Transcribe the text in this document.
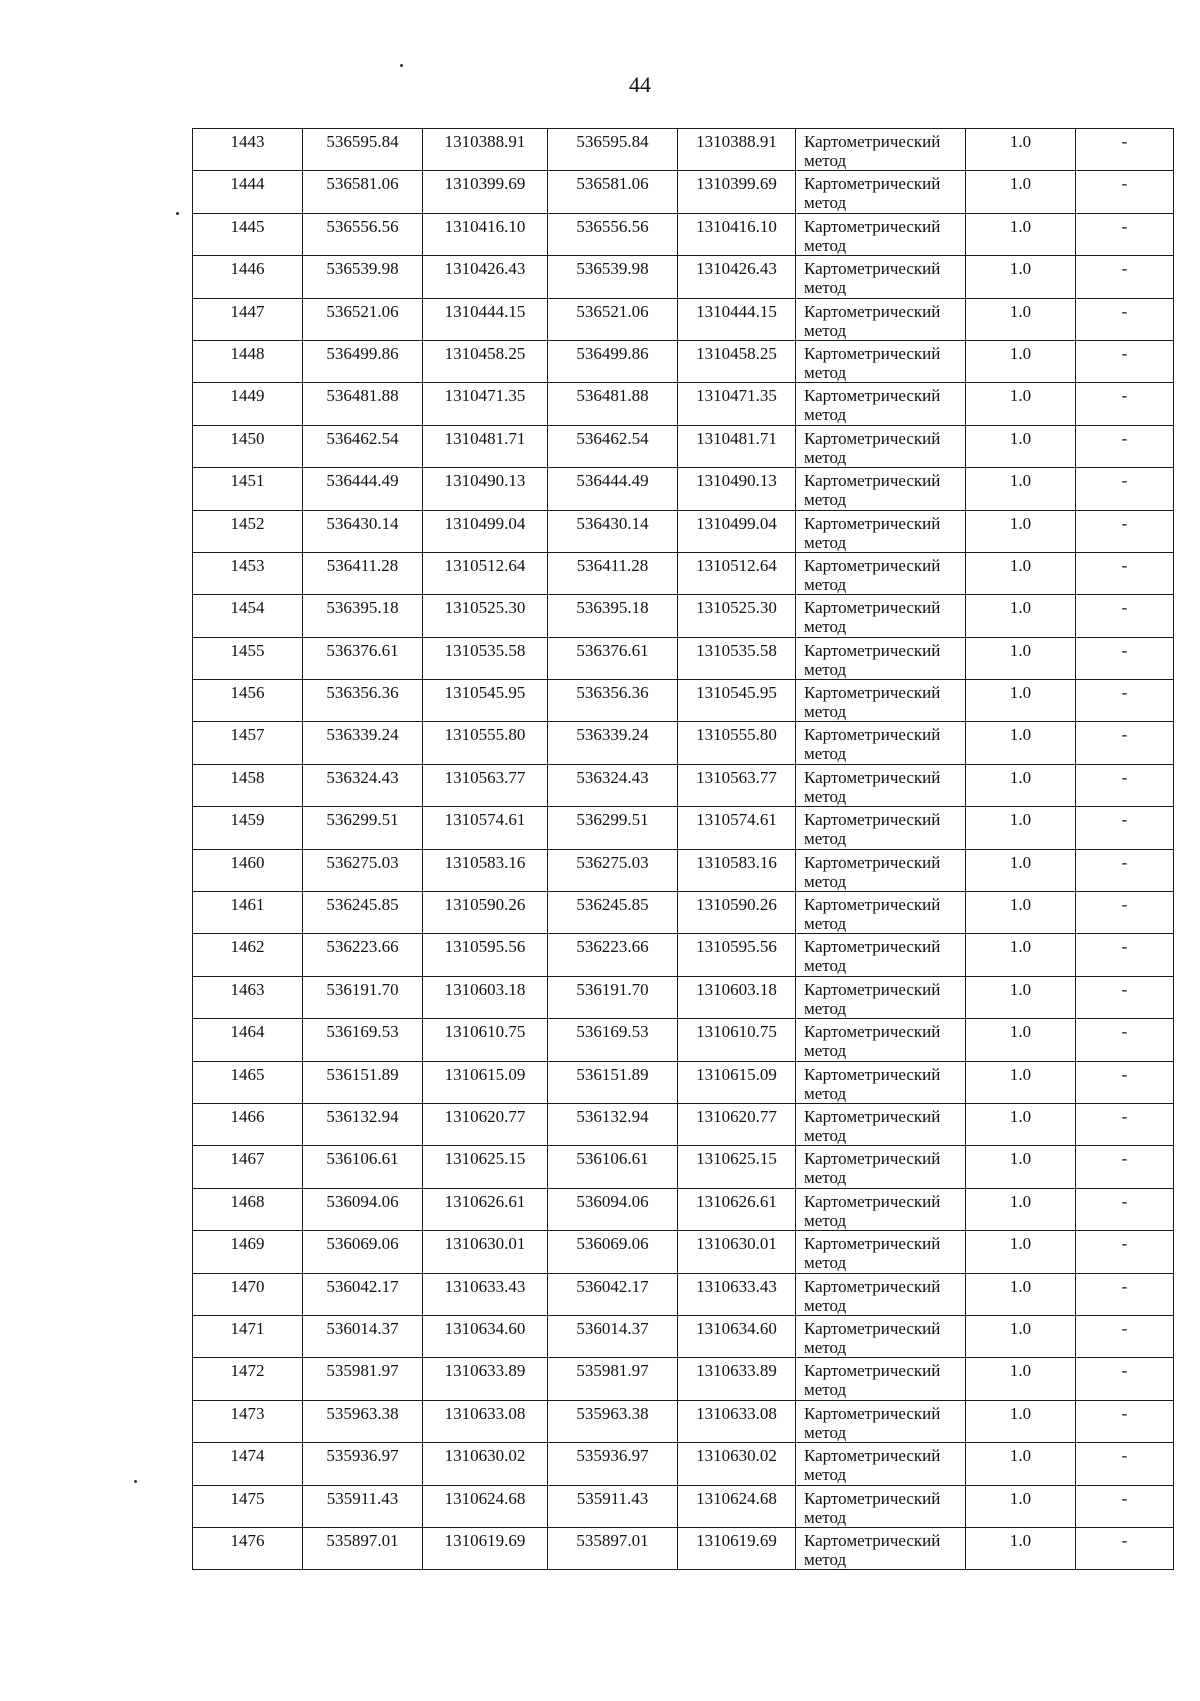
44
1443	536595.84	1310388.91	536595.84	1310388.91	Картометрический метод	1.0	-

1444	536581.06	1310399.69	536581.06	1310399.69	Картометрический метод	1.0	-

1445	536556.56	1310416.10	536556.56	1310416.10	Картометрический метод	1.0	-

1446	536539.98	1310426.43	536539.98	1310426.43	Картометрический метод	1.0	-

1447	536521.06	1310444.15	536521.06	1310444.15	Картометрический метод	1.0	-

1448	536499.86	1310458.25	536499.86	1310458.25	Картометрический метод	1.0	-

1449	536481.88	1310471.35	536481.88	1310471.35	Картометрический метод	1.0	-

1450	536462.54	1310481.71	536462.54	1310481.71	Картометрический метод	1.0	-

1451	536444.49	1310490.13	536444.49	1310490.13	Картометрический метод	1.0	-

1452	536430.14	1310499.04	536430.14	1310499.04	Картометрический метод	1.0	-

1453	536411.28	1310512.64	536411.28	1310512.64	Картометрический метод	1.0	-

1454	536395.18	1310525.30	536395.18	1310525.30	Картометрический метод	1.0	-

1455	536376.61	1310535.58	536376.61	1310535.58	Картометрический метод	1.0	-

1456	536356.36	1310545.95	536356.36	1310545.95	Картометрический метод	1.0	-

1457	536339.24	1310555.80	536339.24	1310555.80	Картометрический метод	1.0	-

1458	536324.43	1310563.77	536324.43	1310563.77	Картометрический метод	1.0	-

1459	536299.51	1310574.61	536299.51	1310574.61	Картометрический метод	1.0	-

1460	536275.03	1310583.16	536275.03	1310583.16	Картометрический метод	1.0	-

1461	536245.85	1310590.26	536245.85	1310590.26	Картометрический метод	1.0	-

1462	536223.66	1310595.56	536223.66	1310595.56	Картометрический метод	1.0	-

1463	536191.70	1310603.18	536191.70	1310603.18	Картометрический метод	1.0	-

1464	536169.53	1310610.75	536169.53	1310610.75	Картометрический метод	1.0	-

1465	536151.89	1310615.09	536151.89	1310615.09	Картометрический метод	1.0	-

1466	536132.94	1310620.77	536132.94	1310620.77	Картометрический метод	1.0	-

1467	536106.61	1310625.15	536106.61	1310625.15	Картометрический метод	1.0	-

1468	536094.06	1310626.61	536094.06	1310626.61	Картометрический метод	1.0	-

1469	536069.06	1310630.01	536069.06	1310630.01	Картометрический метод	1.0	-

1470	536042.17	1310633.43	536042.17	1310633.43	Картометрический метод	1.0	-

1471	536014.37	1310634.60	536014.37	1310634.60	Картометрический метод	1.0	-

1472	535981.97	1310633.89	535981.97	1310633.89	Картометрический метод	1.0	-

1473	535963.38	1310633.08	535963.38	1310633.08	Картометрический метод	1.0	-

1474	535936.97	1310630.02	535936.97	1310630.02	Картометрический метод	1.0	-

1475	535911.43	1310624.68	535911.43	1310624.68	Картометрический метод	1.0	-

1476	535897.01	1310619.69	535897.01	1310619.69	Картометрический метод	1.0	-
